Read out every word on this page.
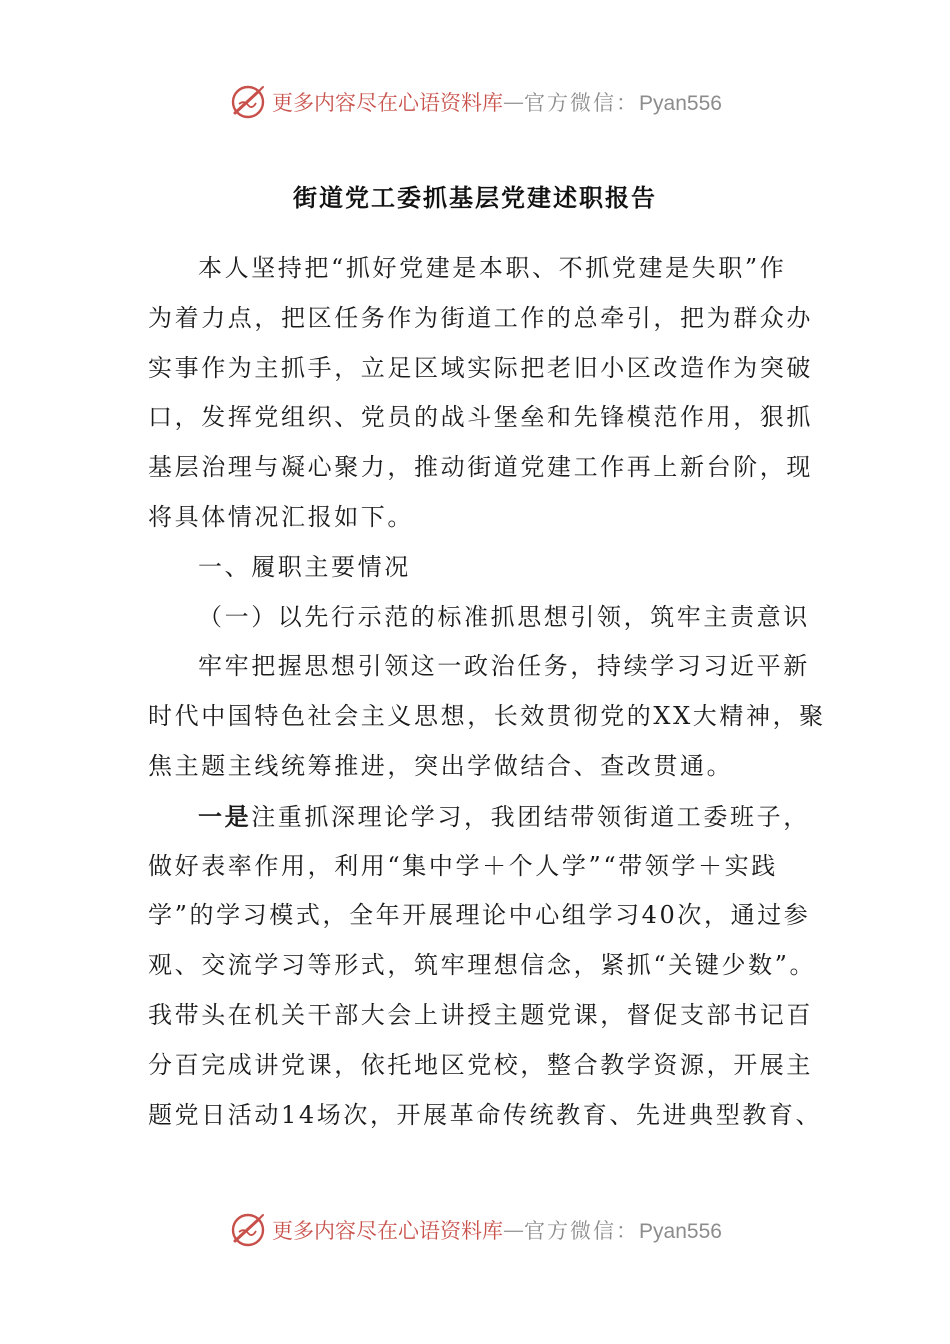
更多内容尽在心语资料库 — 官方微信：Pyan556
街道党工委抓基层党建述职报告
本人坚持把“抓好党建是本职、不抓党建是失职”作
为着力点，把区任务作为街道工作的总牵引，把为群众办
实事作为主抓手，立足区域实际把老旧小区改造作为突破
口，发挥党组织、党员的战斗堡垒和先锋模范作用，狠抓
基层治理与凝心聚力，推动街道党建工作再上新台阶，现
将具体情况汇报如下。
一、履职主要情况
（一）以先行示范的标准抓思想引领，筑牢主责意识
牢牢把握思想引领这一政治任务，持续学习习近平新
时代中国特色社会主义思想，长效贯彻党的XX大精神，聚
焦主题主线统筹推进，突出学做结合、查改贯通。
一是注重抓深理论学习，我团结带领街道工委班子，
做好表率作用，利用“集中学＋个人学”“带领学＋实践
学”的学习模式，全年开展理论中心组学习40次，通过参
观、交流学习等形式，筑牢理想信念，紧抓“关键少数”。
我带头在机关干部大会上讲授主题党课，督促支部书记百
分百完成讲党课，依托地区党校，整合教学资源，开展主
题党日活动14场次，开展革命传统教育、先进典型教育、
更多内容尽在心语资料库 — 官方微信：Pyan556
